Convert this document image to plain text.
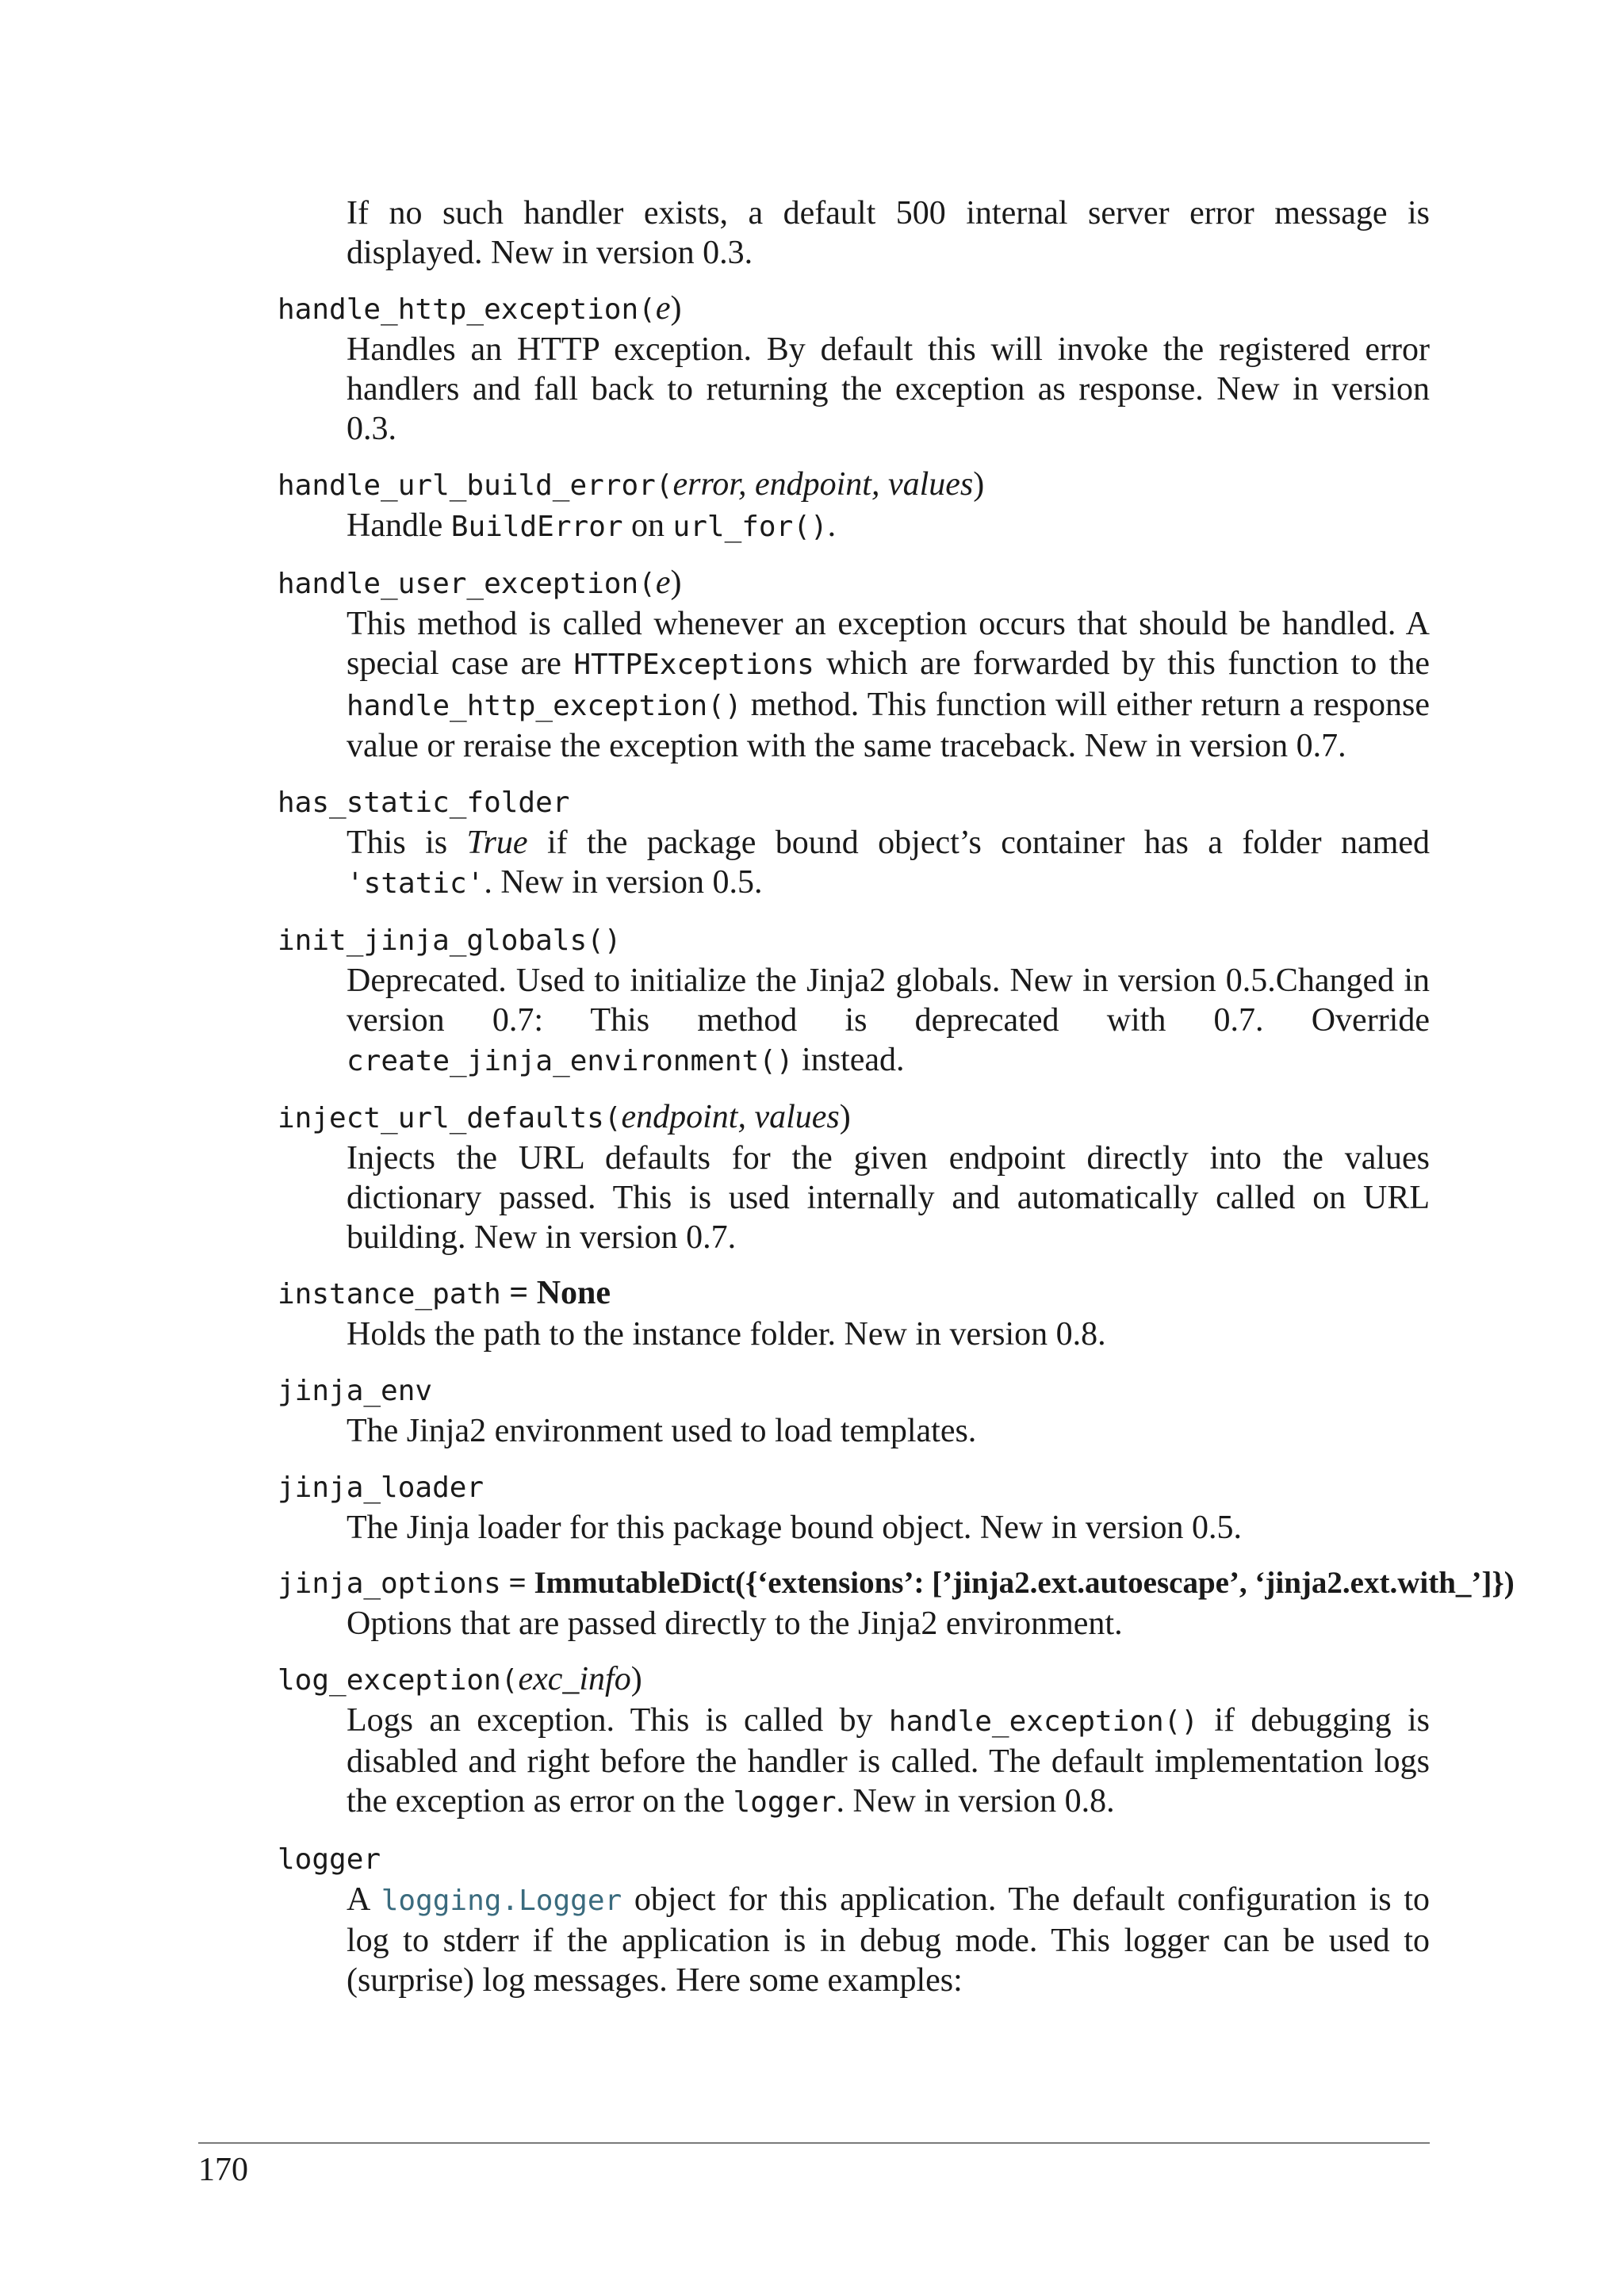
If no such handler exists, a default 500 internal server error message is displayed. New in version 0.3.

handle_http_exception(e)

Handles an HTTP exception. By default this will invoke the registered error handlers and fall back to returning the exception as response. New in version 0.3.

handle_url_build_error(error, endpoint, values)

Handle BuildError on url_for().

handle_user_exception(e)

This method is called whenever an exception occurs that should be handled. A special case are HTTPExceptions which are forwarded by this function to the handle_http_exception() method. This function will either return a response value or reraise the exception with the same traceback. New in version 0.7.

has_static_folder

This is True if the package bound object’s container has a folder named 'static'. New in version 0.5.

init_jinja_globals()

Deprecated. Used to initialize the Jinja2 globals. New in version 0.5.Changed in version 0.7: This method is deprecated with 0.7. Override create_jinja_environment() instead.

inject_url_defaults(endpoint, values)

Injects the URL defaults for the given endpoint directly into the values dictionary passed. This is used internally and automatically called on URL building. New in version 0.7.

instance_path = None

Holds the path to the instance folder. New in version 0.8.

jinja_env

The Jinja2 environment used to load templates.

jinja_loader

The Jinja loader for this package bound object. New in version 0.5.

jinja_options = ImmutableDict({‘extensions’: [’jinja2.ext.autoescape’, ‘jinja2.ext.with_’]})

Options that are passed directly to the Jinja2 environment.

log_exception(exc_info)

Logs an exception. This is called by handle_exception() if debugging is disabled and right before the handler is called. The default implementation logs the exception as error on the logger. New in version 0.8.

logger

A logging.Logger object for this application. The default configuration is to log to stderr if the application is in debug mode. This logger can be used to (surprise) log messages. Here some examples:

170
